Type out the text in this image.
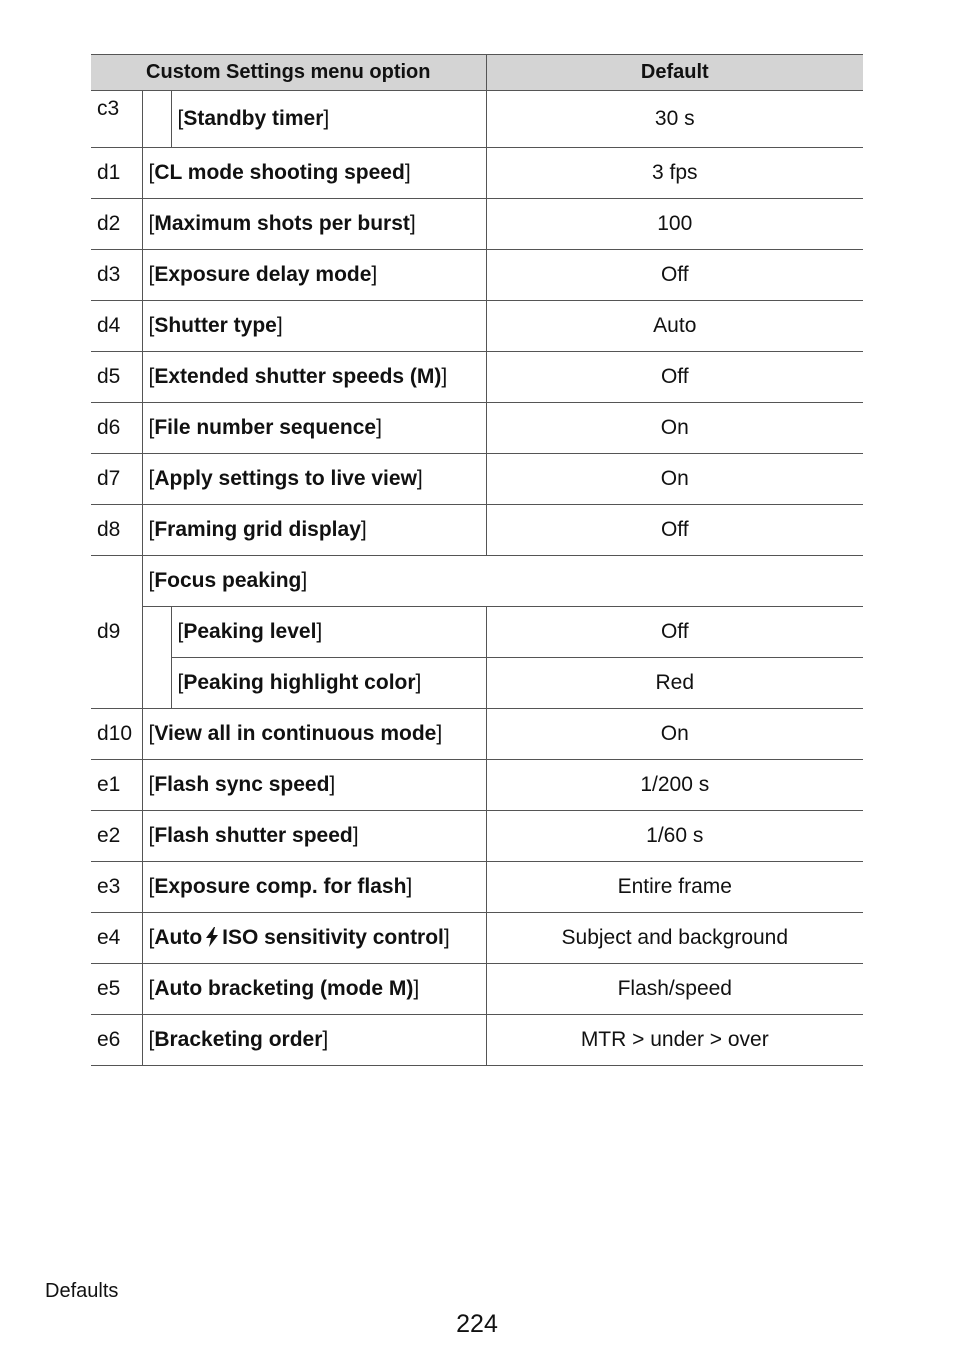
Custom Settings menu option			Default
c3		[Standby timer]	30 s
d1	[CL mode shooting speed]		3 fps
d2	[Maximum shots per burst]		100
d3	[Exposure delay mode]		Off
d4	[Shutter type]		Auto
d5	[Extended shutter speeds (M)]		Off
d6	[File number sequence]		On
d7	[Apply settings to live view]		On
d8	[Framing grid display]		Off
d9	[Focus peaking]		
		[Peaking level]	Off
		[Peaking highlight color]	Red
d10	[View all in continuous mode]		On
e1	[Flash sync speed]		1/200 s
e2	[Flash shutter speed]		1/60 s
e3	[Exposure comp. for flash]		Entire frame
e4	[Auto ISO sensitivity control]		Subject and background
e5	[Auto bracketing (mode M)]		Flash/speed
e6	[Bracketing order]		MTR > under > over
Defaults
224
